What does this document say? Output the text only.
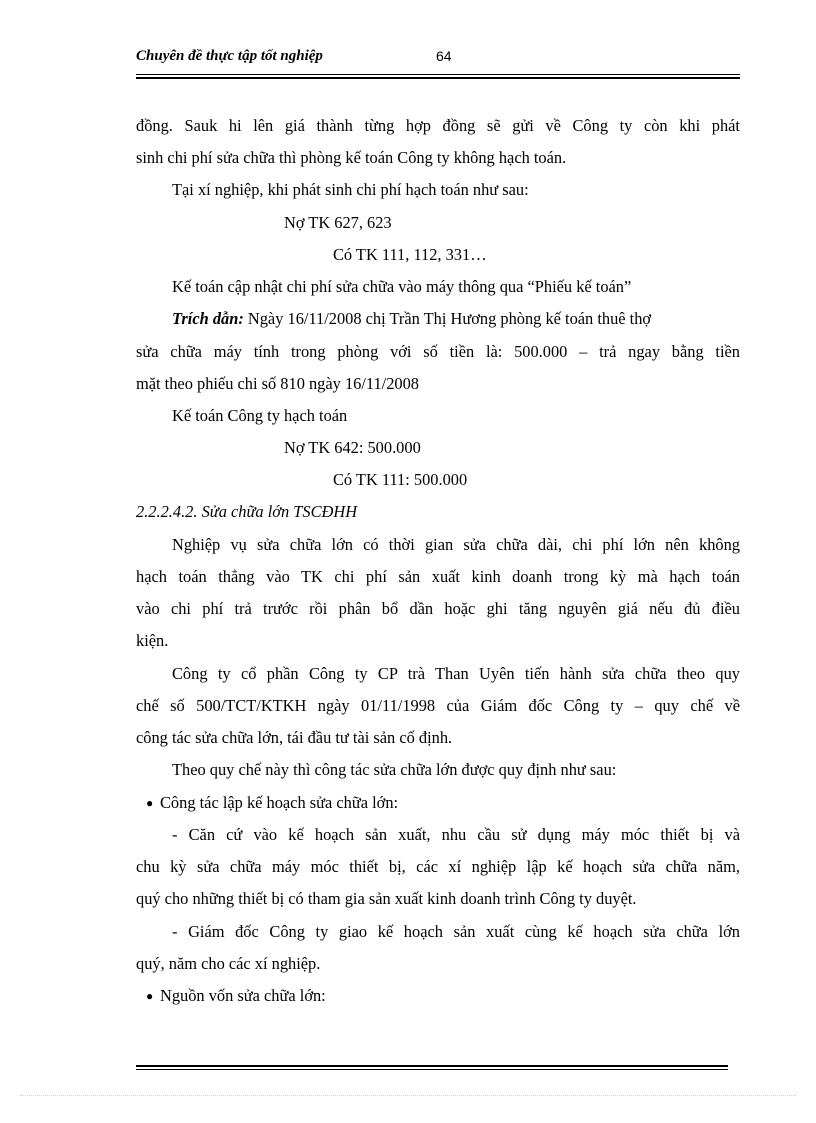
Chuyên đề thực tập tốt nghiệp	64
đồng. Sauk hi lên giá thành từng hợp đồng sẽ gửi về Công ty còn khi phát
sinh chi phí sửa chữa thì phòng kế toán Công ty không hạch toán.
Tại xí nghiệp, khi phát sinh chi phí hạch toán như sau:
Nợ TK 627, 623
Có TK 111, 112, 331…
Kế toán cập nhật chi phí sửa chữa vào máy thông qua “Phiếu kế toán”
Trích dẫn: Ngày 16/11/2008 chị Trần Thị Hương phòng kế toán thuê thợ
sửa chữa máy tính trong phòng với số tiền là: 500.000 – trả ngay bằng tiền
mặt theo phiếu chi số 810 ngày 16/11/2008
Kế toán Công ty hạch toán
Nợ TK 642: 500.000
Có TK 111: 500.000
2.2.2.4.2. Sửa chữa lớn TSCĐHH
Nghiệp vụ sửa chữa lớn có thời gian sửa chữa dài, chi phí lớn nên không
hạch toán thẳng vào TK chi phí sản xuất kinh doanh trong kỳ mà hạch toán
vào chi phí trả trước rồi phân bổ dần hoặc ghi tăng nguyên giá nếu đủ điều
kiện.
Công ty cổ phần Công ty CP trà Than Uyên tiến hành sửa chữa theo quy
chế số 500/TCT/KTKH ngày 01/11/1998 của Giám đốc Công ty – quy chế về
công tác sửa chữa lớn, tái đầu tư tài sản cố định.
Theo quy chế này thì công tác sửa chữa lớn được quy định như sau:
● Công tác lập kế hoạch sửa chữa lớn:
- Căn cứ vào kế hoạch sản xuất, nhu cầu sử dụng máy móc thiết bị và
chu kỳ sửa chữa máy móc thiết bị, các xí nghiệp lập kế hoạch sửa chữa năm,
quý cho những thiết bị có tham gia sản xuất kinh doanh trình Công ty duyệt.
- Giám đốc Công ty giao kế hoạch sản xuất cùng kế hoạch sửa chữa lớn
quý, năm cho các xí nghiệp.
● Nguồn vốn sửa chữa lớn:
